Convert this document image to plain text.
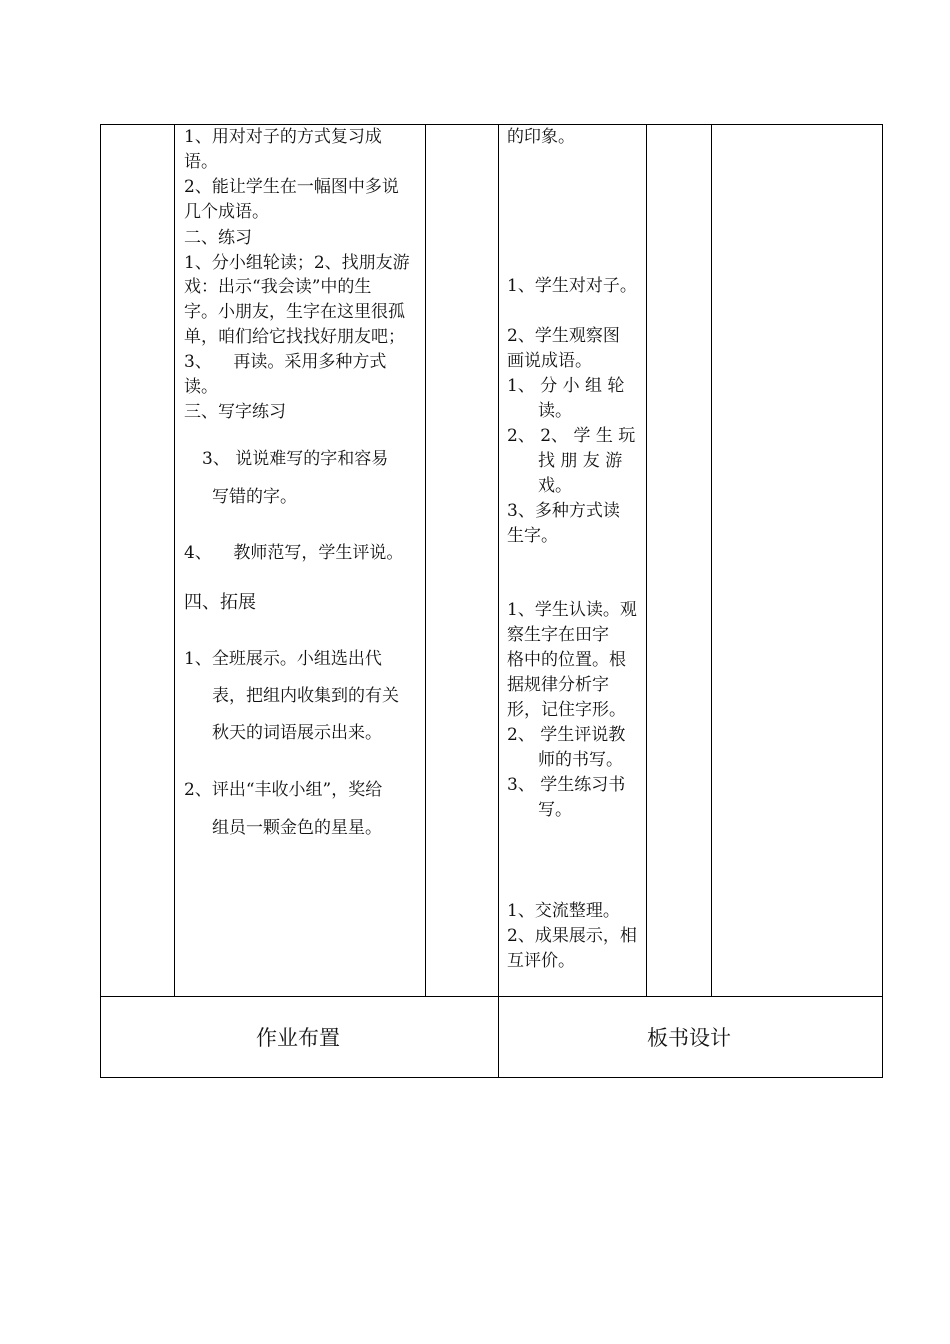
1、用对对子的方式复习成
语。
2、能让学生在一幅图中多说
几个成语。
二、练习
1、分小组轮读；2、找朋友游
戏：出示“我会读”中的生
字。小朋友，生字在这里很孤
单，咱们给它找找好朋友吧；
3、    再读。采用多种方式
读。
三、写字练习
3、 说说难写的字和容易
写错的字。
4、    教师范写，学生评说。
四、拓展
1、全班展示。小组选出代
表，把组内收集到的有关
秋天的词语展示出来。
2、评出“丰收小组”，奖给
组员一颗金色的星星。
的印象。
1、学生对对子。
2、学生观察图
画说成语。
1、 分 小 组 轮
读。
2、 2、 学 生 玩
找 朋 友 游
戏。
3、多种方式读
生字。
1、学生认读。观
察生字在田字
格中的位置。根
据规律分析字
形，记住字形。
2、 学生评说教
师的书写。
3、 学生练习书
写。
1、交流整理。
2、成果展示，相
互评价。
作业布置	板书设计
